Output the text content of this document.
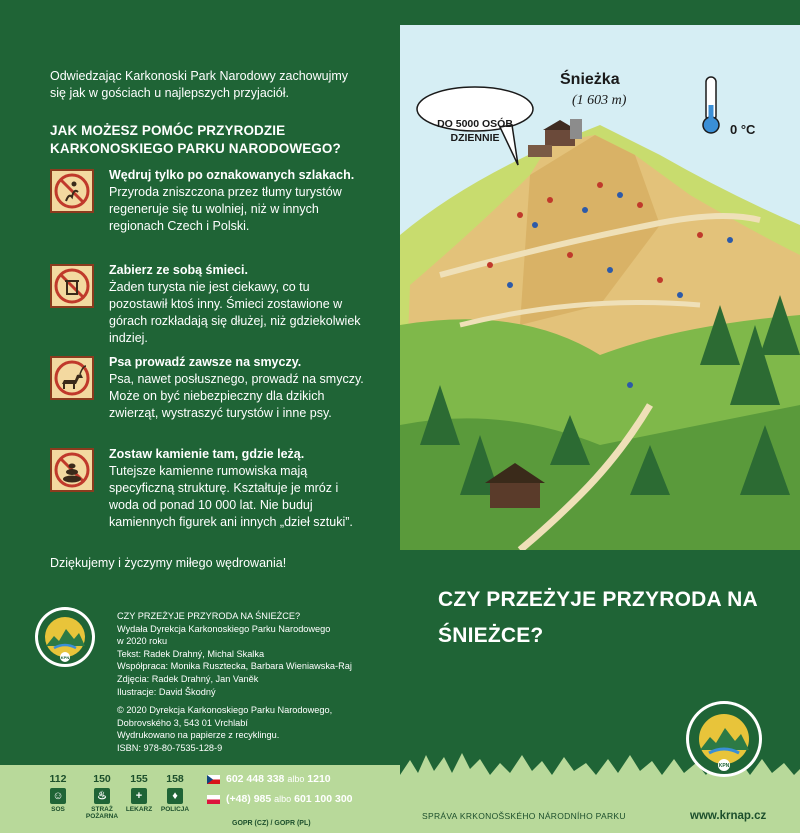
Odwiedzając Karkonoski Park Narodowy zachowujmy się jak w gościach u najlepszych przyjaciół.

JAK MOŻESZ POMÓC PRZYRODZIE KARKONOSKIEGO PARKU NARODOWEGO?
Wędruj tylko po oznakowanych szlakach.
Przyroda zniszczona przez tłumy turystów regeneruje się tu wolniej, niż w innych regionach Czech i Polski.
Zabierz ze sobą śmieci.
Żaden turysta nie jest ciekawy, co tu pozostawił ktoś inny. Śmieci zostawione w górach rozkładają się dłużej, niż gdziekolwiek indziej.
Psa prowadź zawsze na smyczy.
Psa, nawet posłusznego, prowadź na smyczy. Może on być niebezpieczny dla dzikich zwierząt, wystraszyć turystów i inne psy.
Zostaw kamienie tam, gdzie leżą.
Tutejsze kamienne rumowiska mają specyficzną strukturę. Kształtuje je mróz i woda od ponad 10 000 lat. Nie buduj kamiennych figurek ani innych „dzieł sztuki”.

Dziękujemy i życzymy miłego wędrowania!

KPN
CZY PRZEŻYJE PRZYRODA NA ŚNIEŻCE?
Wydała Dyrekcja Karkonoskiego Parku Narodowego
w 2020 roku
Tekst: Radek Drahný, Michal Skalka
Współpraca: Monika Rusztecka, Barbara Wieniawska-Raj
Zdjęcia: Radek Drahný, Jan Vaněk
Ilustracje: David Škodný
© 2020 Dyrekcja Karkonoskiego Parku Narodowego,
Dobrovského 3, 543 01 Vrchlabí
Wydrukowano na papierze z recyklingu.
ISBN: 978-80-7535-128-9
112
☺
SOS
150
♨
STRAŻ POŻARNA
155
+
LEKARZ
158
♦
POLICJA
602 448 338 albo 1210
(+48) 985 albo 601 100 300
GOPR (CZ) / GOPR (PL)
Śnieżka
(1 603 m)
DO 5000 OSÓB DZIENNIE
0 °C
CZY PRZEŻYJE PRZYRODA NA ŚNIEŻCE?
SPRÁVA KRKONOŠSKÉHO NÁRODNÍHO PARKU	www.krnap.cz
KPN
